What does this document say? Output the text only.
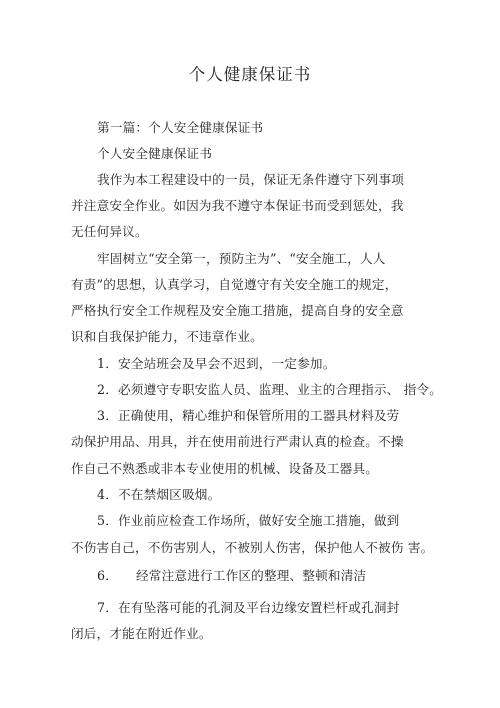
个人健康保证书
第一篇：个人安全健康保证书
个人安全健康保证书
我作为本工程建设中的一员，保证无条件遵守下列事项
并注意安全作业。如因为我不遵守本保证书而受到惩处，我
无任何异议。
牢固树立“安全第一，预防主为”、“安全施工，人人
有责”的思想，认真学习，自觉遵守有关安全施工的规定，
严格执行安全工作规程及安全施工措施，提高自身的安全意
识和自我保护能力，不违章作业。
1．安全站班会及早会不迟到，一定参加。
2．必须遵守专职安监人员、监理、业主的合理指示、 指令。
3．正确使用，精心维护和保管所用的工器具材料及劳
动保护用品、用具，并在使用前进行严肃认真的检查。不操
作自己不熟悉或非本专业使用的机械、设备及工器具。
4．不在禁烟区吸烟。
5．作业前应检查工作场所，做好安全施工措施，做到
不伤害自己，不伤害别人，不被别人伤害，保护他人不被伤 害。
6． 经常注意进行工作区的整理、整顿和清洁
7．在有坠落可能的孔洞及平台边缘安置栏杆或孔洞封
闭后，才能在附近作业。
